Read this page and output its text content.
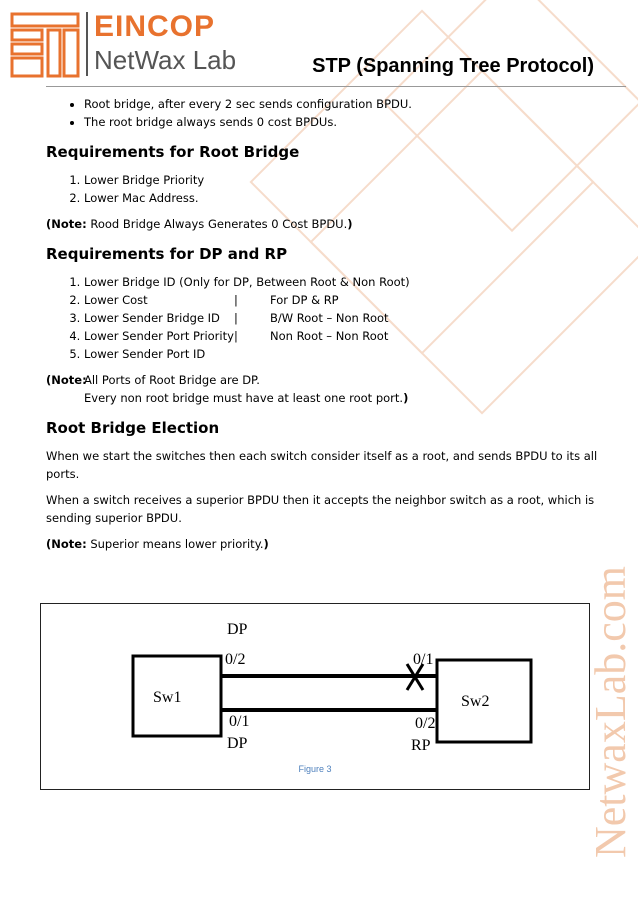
NetwaxLab.com
EINCOP
NetWax Lab	STP (Spanning Tree Protocol)
• Root bridge, after every 2 sec sends configuration BPDU.
• The root bridge always sends 0 cost BPDUs.
Requirements for Root Bridge
1. Lower Bridge Priority
2. Lower Mac Address.

(Note: Rood Bridge Always Generates 0 Cost BPDU.)

Requirements for DP and RP
1. Lower Bridge ID (Only for DP, Between Root & Non Root)
2. Lower Cost	|	For DP & RP
3. Lower Sender Bridge ID |	B/W Root – Non Root
4. Lower Sender Port Priority|	Non Root – Non Root
5. Lower Sender Port ID
(Note:
All Ports of Root Bridge are DP.
Every non root bridge must have at least one root port.)
Root Bridge Election

When we start the switches then each switch consider itself as a root, and sends BPDU to its all ports.

When a switch receives a superior BPDU then it accepts the neighbor switch as a root, which is sending superior BPDU.

(Note: Superior means lower priority.)

Sw1	Sw2
DP
0/2	0/1
0/1	0/2
DP	RP
Figure 3
